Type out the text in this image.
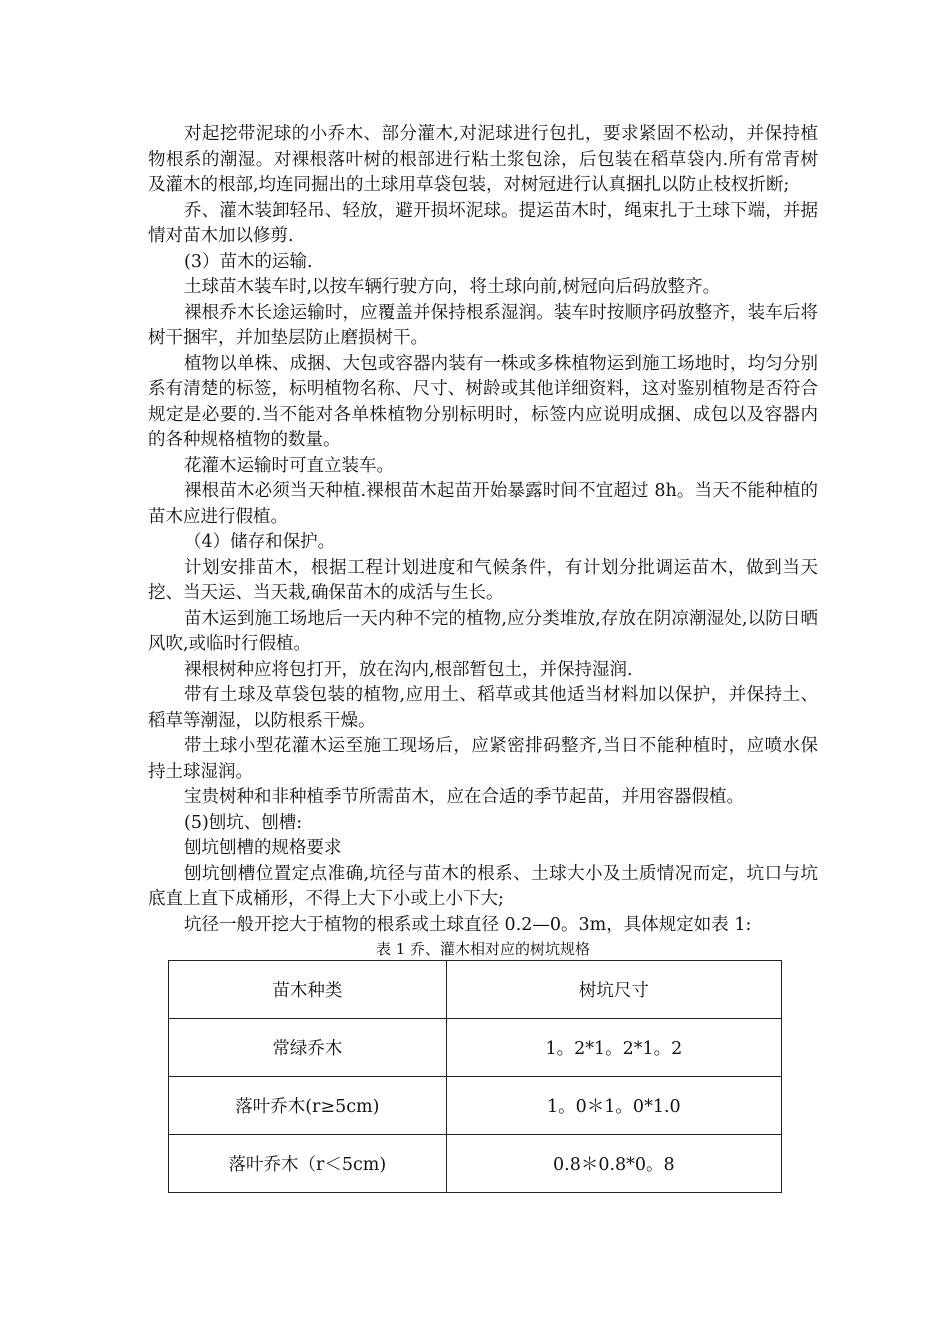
对起挖带泥球的小乔木、部分灌木,对泥球进行包扎，要求紧固不松动，并保持植物根系的潮湿。对裸根落叶树的根部进行粘土浆包涂，后包装在稻草袋内.所有常青树及灌木的根部,均连同掘出的土球用草袋包装，对树冠进行认真捆扎以防止枝杈折断;

乔、灌木装卸轻吊、轻放，避开损坏泥球。提运苗木时，绳束扎于土球下端，并据情对苗木加以修剪.

(3）苗木的运输.

土球苗木装车时,以按车辆行驶方向，将土球向前,树冠向后码放整齐。

裸根乔木长途运输时，应覆盖并保持根系湿润。装车时按顺序码放整齐，装车后将树干捆牢，并加垫层防止磨损树干。

植物以单株、成捆、大包或容器内装有一株或多株植物运到施工场地时，均匀分别系有清楚的标签，标明植物名称、尺寸、树龄或其他详细资料，这对鉴别植物是否符合规定是必要的.当不能对各单株植物分别标明时，标签内应说明成捆、成包以及容器内的各种规格植物的数量。

花灌木运输时可直立装车。

裸根苗木必须当天种植.裸根苗木起苗开始暴露时间不宜超过 8h。当天不能种植的苗木应进行假植。

（4）储存和保护。

计划安排苗木，根据工程计划进度和气候条件，有计划分批调运苗木，做到当天挖、当天运、当天栽,确保苗木的成活与生长。

苗木运到施工场地后一天内种不完的植物,应分类堆放,存放在阴凉潮湿处,以防日晒风吹,或临时行假植。

裸根树种应将包打开，放在沟内,根部暂包土，并保持湿润.

带有土球及草袋包装的植物,应用土、稻草或其他适当材料加以保护，并保持土、稻草等潮湿，以防根系干燥。

带土球小型花灌木运至施工现场后，应紧密排码整齐,当日不能种植时，应喷水保持土球湿润。

宝贵树种和非种植季节所需苗木，应在合适的季节起苗，并用容器假植。

(5)刨坑、刨槽:

刨坑刨槽的规格要求

刨坑刨槽位置定点准确,坑径与苗木的根系、土球大小及土质情况而定，坑口与坑底直上直下成桶形，不得上大下小或上小下大;

坑径一般开挖大于植物的根系或土球直径 0.2—0。3m，具体规定如表 1:

表 1 乔、灌木相对应的树坑规格

苗木种类	树坑尺寸
常绿乔木	1。2*1。2*1。2
落叶乔木(r≥5cm)	1。0＊1。0*1.0
落叶乔木（r＜5cm)	0.8＊0.8*0。8
